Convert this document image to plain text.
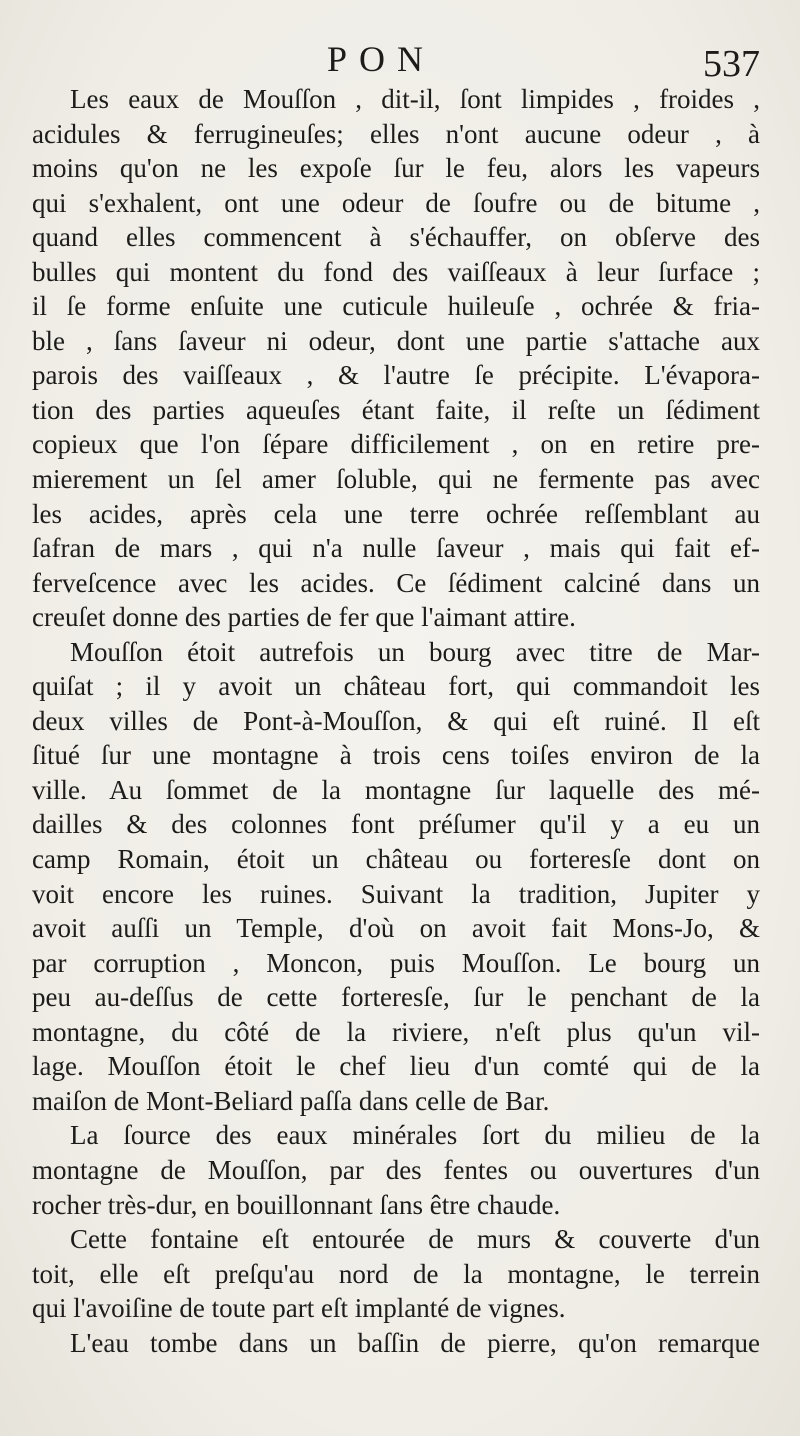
PON	537
Les eaux de Mouſſon , dit-il, ſont limpides , froides ,
acidules & ferrugineuſes; elles n'ont aucune odeur , à
moins qu'on ne les expoſe ſur le feu, alors les vapeurs
qui s'exhalent, ont une odeur de ſoufre ou de bitume ,
quand elles commencent à s'échauffer, on obſerve des
bulles qui montent du fond des vaiſſeaux à leur ſurface ;
il ſe forme enſuite une cuticule huileuſe , ochrée & fria-
ble , ſans ſaveur ni odeur, dont une partie s'attache aux
parois des vaiſſeaux , & l'autre ſe précipite. L'évapora-
tion des parties aqueuſes étant faite, il reſte un ſédiment
copieux que l'on ſépare difficilement , on en retire pre-
mierement un ſel amer ſoluble, qui ne fermente pas avec
les acides, après cela une terre ochrée reſſemblant au
ſafran de mars , qui n'a nulle ſaveur , mais qui fait ef-
ferveſcence avec les acides. Ce ſédiment calciné dans un
creuſet donne des parties de fer que l'aimant attire.
Mouſſon étoit autrefois un bourg avec titre de Mar-
quiſat ; il y avoit un château fort, qui commandoit les
deux villes de Pont-à-Mouſſon, & qui eſt ruiné. Il eſt
ſitué ſur une montagne à trois cens toiſes environ de la
ville. Au ſommet de la montagne ſur laquelle des mé-
dailles & des colonnes font préſumer qu'il y a eu un
camp Romain, étoit un château ou forteresſe dont on
voit encore les ruines. Suivant la tradition, Jupiter y
avoit auſſi un Temple, d'où on avoit fait Mons-Jo, &
par corruption , Moncon, puis Mouſſon. Le bourg un
peu au-deſſus de cette forteresſe, ſur le penchant de la
montagne, du côté de la riviere, n'eſt plus qu'un vil-
lage. Mouſſon étoit le chef lieu d'un comté qui de la
maiſon de Mont-Beliard paſſa dans celle de Bar.
La ſource des eaux minérales ſort du milieu de la
montagne de Mouſſon, par des fentes ou ouvertures d'un
rocher très-dur, en bouillonnant ſans être chaude.
Cette fontaine eſt entourée de murs & couverte d'un
toit, elle eſt preſqu'au nord de la montagne, le terrein
qui l'avoiſine de toute part eſt implanté de vignes.
L'eau tombe dans un baſſin de pierre, qu'on remarque
